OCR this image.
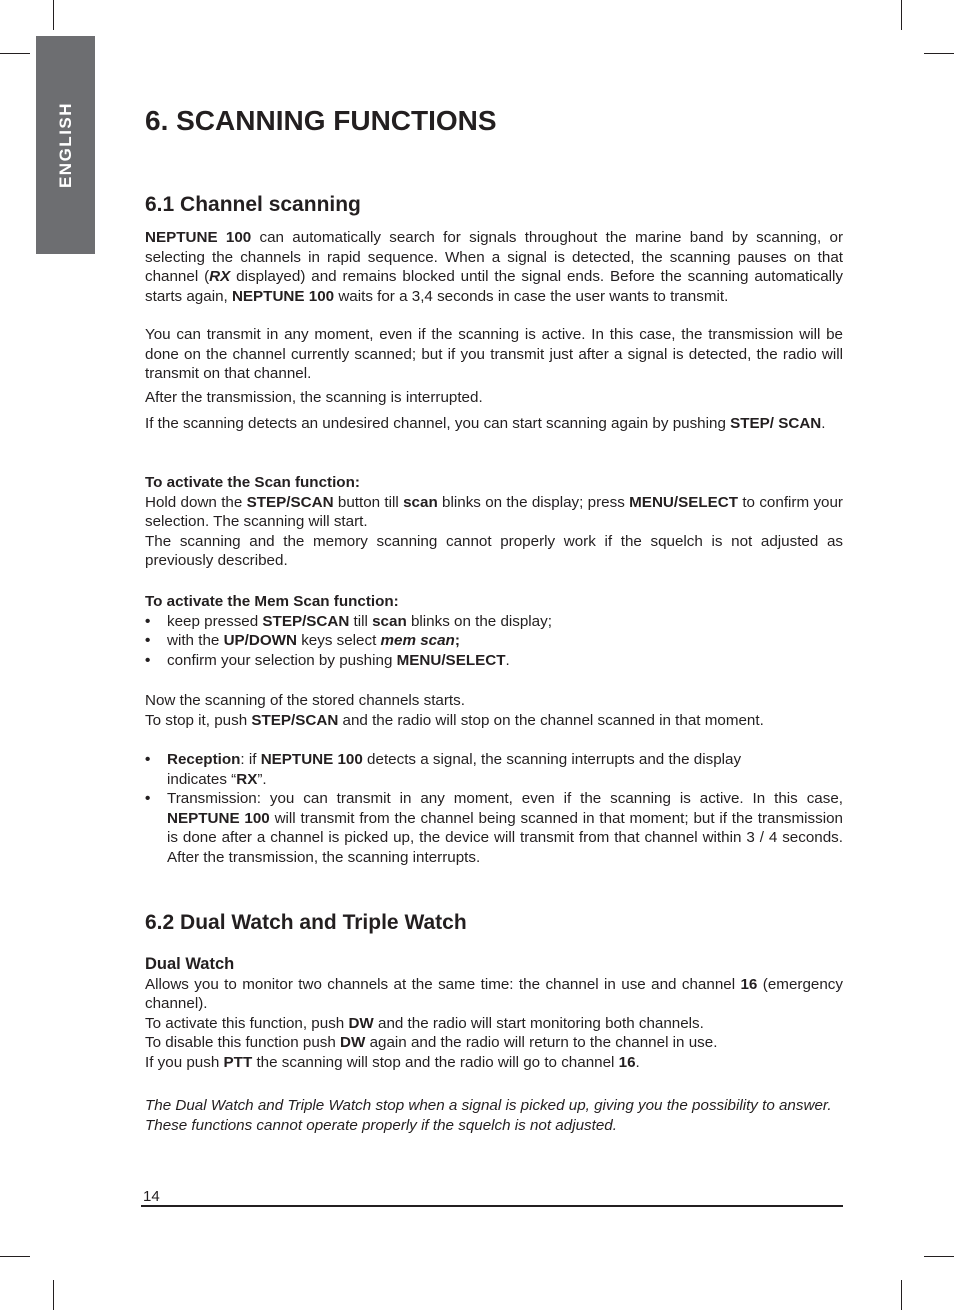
ENGLISH	6. SCANNING FUNCTIONS
6.1 Channel scanning

NEPTUNE 100 can automatically search for signals throughout the marine band by scanning, or selecting the channels in rapid sequence. When a signal is detected, the scanning pauses on that channel (RX displayed) and remains blocked until the signal ends. Before the scanning automatically starts again, NEPTUNE 100 waits for a 3,4 seconds in case the user wants to transmit.

You can transmit in any moment, even if the scanning is active. In this case, the transmission will be done on the channel currently scanned; but if you transmit just after a signal is detected, the radio will transmit on that channel.

After the transmission, the scanning is interrupted.

If the scanning detects an undesired channel, you can start scanning again by pushing STEP/ SCAN.

To activate the Scan function:
Hold down the STEP/SCAN button till scan blinks on the display; press MENU/SELECT to confirm your selection. The scanning will start.
The scanning and the memory scanning cannot properly work if the squelch is not adjusted as previously described.
To activate the Mem Scan function:
• keep pressed STEP/SCAN till scan blinks on the display;
• with the UP/DOWN keys select mem scan;
• confirm your selection by pushing MENU/SELECT.
Now the scanning of the stored channels starts.
To stop it, push STEP/SCAN and the radio will stop on the channel scanned in that moment.
• Reception: if NEPTUNE 100 detects a signal, the scanning interrupts and the display
indicates “RX”.
• Transmission: you can transmit in any moment, even if the scanning is active. In this case, NEPTUNE 100 will transmit from the channel being scanned in that moment; but if the transmission is done after a channel is picked up, the device will transmit from that channel within 3 / 4 seconds. After the transmission, the scanning interrupts.
6.2 Dual Watch and Triple Watch
Dual Watch
Allows you to monitor two channels at the same time: the channel in use and channel 16 (emergency channel).
To activate this function, push DW and the radio will start monitoring both channels.
To disable this function push DW again and the radio will return to the channel in use.
If you push PTT the scanning will stop and the radio will go to channel 16.
The Dual Watch and Triple Watch stop when a signal is picked up, giving you the possibility to answer.
These functions cannot operate properly if the squelch is not adjusted.
14
